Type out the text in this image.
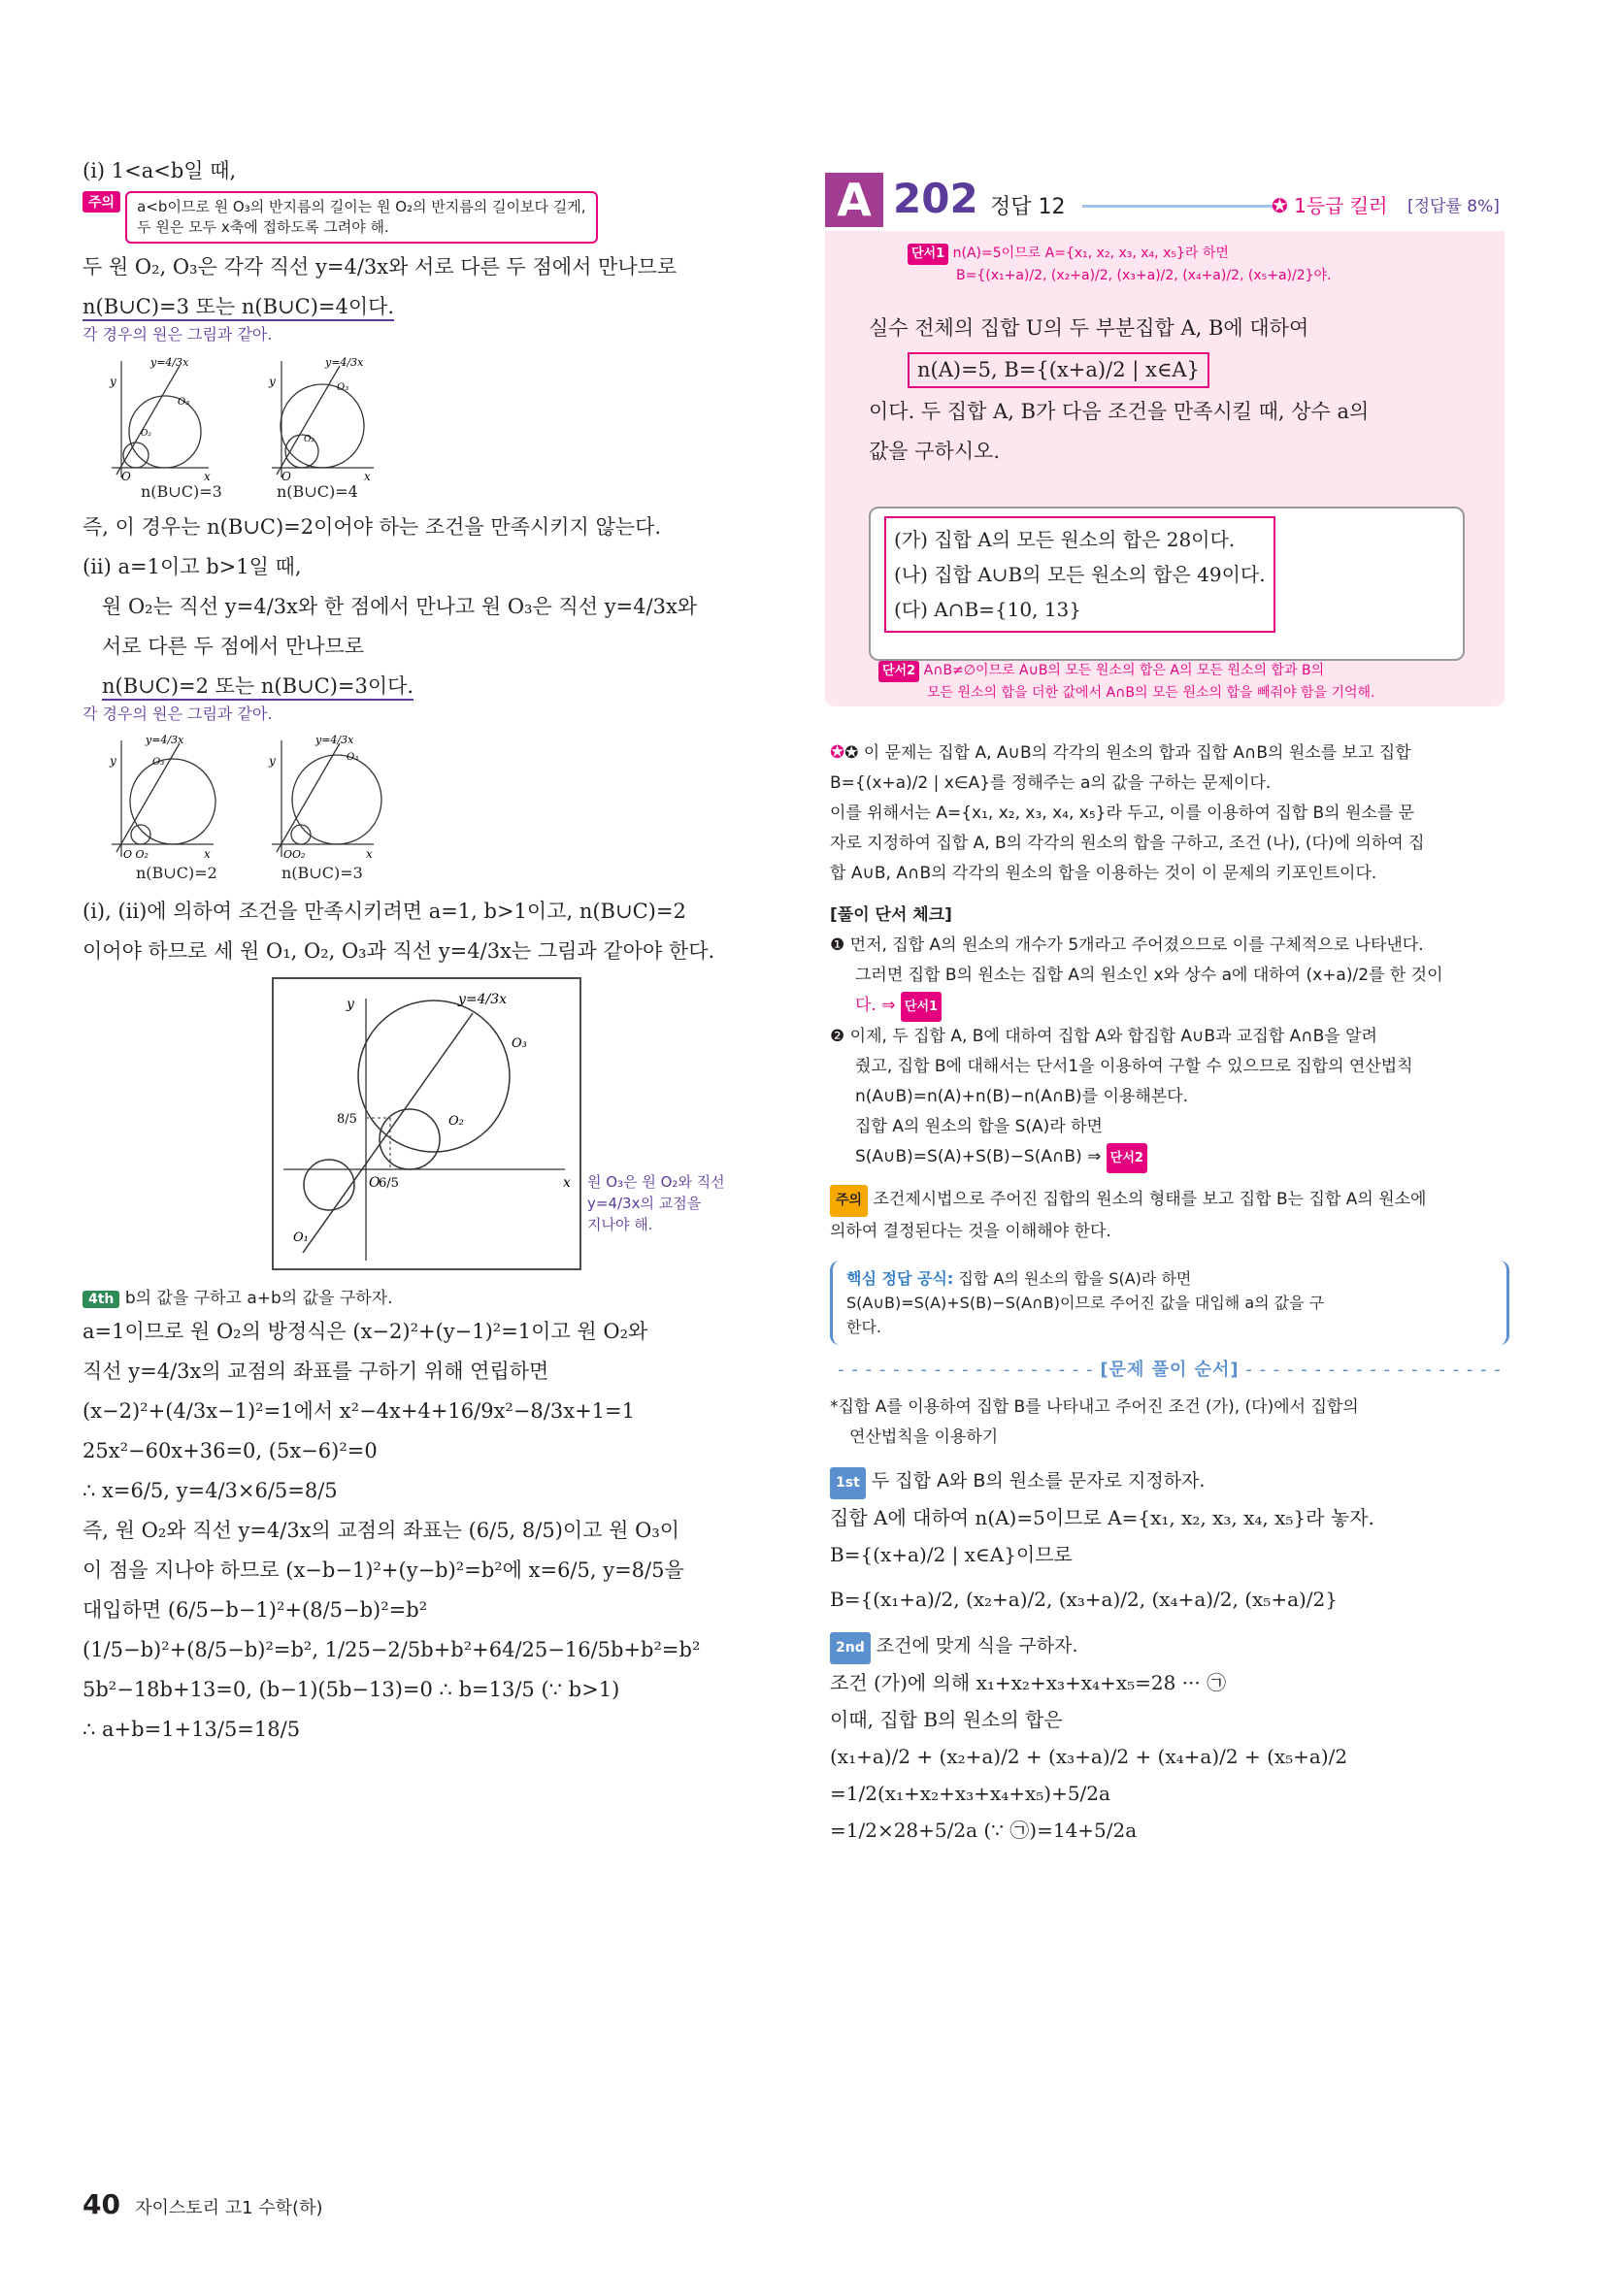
(i) 1<a<b일 때,
주의 a<b이므로 원 O₃의 반지름의 길이는 원 O₂의 반지름의 길이보다 길게,
두 원은 모두 x축에 접하도록 그려야 해.
두 원 O₂, O₃은 각각 직선 y=4/3x와 서로 다른 두 점에서 만나므로
n(B∪C)=3 또는 n(B∪C)=4이다.
각 경우의 원은 그림과 같아.
y
x
O
y=4/3x
O₃
O₂
y
x
O
y=4/3x
O₃
O₂
n(B∪C)=3	n(B∪C)=4
즉, 이 경우는 n(B∪C)=2이어야 하는 조건을 만족시키지 않는다.
(ii) a=1이고 b>1일 때,
원 O₂는 직선 y=4/3x와 한 점에서 만나고 원 O₃은 직선 y=4/3x와
서로 다른 두 점에서 만나므로
n(B∪C)=2 또는 n(B∪C)=3이다.
각 경우의 원은 그림과 같아.
y
x
O O₂
y=4/3x
O₃	y
x
OO₂
y=4/3x
O₃
n(B∪C)=2	n(B∪C)=3
(i), (ii)에 의하여 조건을 만족시키려면 a=1, b>1이고, n(B∪C)=2
이어야 하므로 세 원 O₁, O₂, O₃과 직선 y=4/3x는 그림과 같아야 한다.
y
x
O
y=4/3x
O₁
O₂
O₃
8/5
6/5	원 O₃은 원 O₂와 직선
y=4/3x의 교점을
지나야 해.
4th b의 값을 구하고 a+b의 값을 구하자.
a=1이므로 원 O₂의 방정식은 (x−2)²+(y−1)²=1이고 원 O₂와
직선 y=4/3x의 교점의 좌표를 구하기 위해 연립하면
(x−2)²+(4/3x−1)²=1에서 x²−4x+4+16/9x²−8/3x+1=1
25x²−60x+36=0, (5x−6)²=0
∴ x=6/5, y=4/3×6/5=8/5
즉, 원 O₂와 직선 y=4/3x의 교점의 좌표는 (6/5, 8/5)이고 원 O₃이
이 점을 지나야 하므로 (x−b−1)²+(y−b)²=b²에 x=6/5, y=8/5을
대입하면 (6/5−b−1)²+(8/5−b)²=b²
(1/5−b)²+(8/5−b)²=b², 1/25−2/5b+b²+64/25−16/5b+b²=b²
5b²−18b+13=0, (b−1)(5b−13)=0 ∴ b=13/5 (∵ b>1)
∴ a+b=1+13/5=18/5
A 202 정답 12	✪ 1등급 킬러 [정답률 8%]
단서1 n(A)=5이므로 A={x₁, x₂, x₃, x₄, x₅}라 하면
B={(x₁+a)/2, (x₂+a)/2, (x₃+a)/2, (x₄+a)/2, (x₅+a)/2}야.
실수 전체의 집합 U의 두 부분집합 A, B에 대하여
n(A)=5, B={(x+a)/2 | x∈A}
이다. 두 집합 A, B가 다음 조건을 만족시킬 때, 상수 a의
값을 구하시오.
(가) 집합 A의 모든 원소의 합은 28이다.
(나) 집합 A∪B의 모든 원소의 합은 49이다.
(다) A∩B={10, 13}
단서2 A∩B≠∅이므로 A∪B의 모든 원소의 합은 A의 모든 원소의 합과 B의
모든 원소의 합을 더한 값에서 A∩B의 모든 원소의 합을 빼줘야 함을 기억해.
✪✪ 이 문제는 집합 A, A∪B의 각각의 원소의 합과 집합 A∩B의 원소를 보고 집합
B={(x+a)/2 | x∈A}를 정해주는 a의 값을 구하는 문제이다.
이를 위해서는 A={x₁, x₂, x₃, x₄, x₅}라 두고, 이를 이용하여 집합 B의 원소를 문
자로 지정하여 집합 A, B의 각각의 원소의 합을 구하고, 조건 (나), (다)에 의하여 집
합 A∪B, A∩B의 각각의 원소의 합을 이용하는 것이 이 문제의 키포인트이다.
[풀이 단서 체크]
❶ 먼저, 집합 A의 원소의 개수가 5개라고 주어졌으므로 이를 구체적으로 나타낸다.
그러면 집합 B의 원소는 집합 A의 원소인 x와 상수 a에 대하여 (x+a)/2를 한 것이
다. ⇒ 단서1
❷ 이제, 두 집합 A, B에 대하여 집합 A와 합집합 A∪B과 교집합 A∩B을 알려
줬고, 집합 B에 대해서는 단서1을 이용하여 구할 수 있으므로 집합의 연산법칙
n(A∪B)=n(A)+n(B)−n(A∩B)를 이용해본다.
집합 A의 원소의 합을 S(A)라 하면
S(A∪B)=S(A)+S(B)−S(A∩B) ⇒ 단서2
주의 조건제시법으로 주어진 집합의 원소의 형태를 보고 집합 B는 집합 A의 원소에
의하여 결정된다는 것을 이해해야 한다.
핵심 정답 공식: 집합 A의 원소의 합을 S(A)라 하면
S(A∪B)=S(A)+S(B)−S(A∩B)이므로 주어진 값을 대입해 a의 값을 구
한다.
- - - - - - - - - - - - - - - - - - - [문제 풀이 순서] - - - - - - - - - - - - - - - - - - -
*집합 A를 이용하여 집합 B를 나타내고 주어진 조건 (가), (다)에서 집합의
연산법칙을 이용하기
1st 두 집합 A와 B의 원소를 문자로 지정하자.
집합 A에 대하여 n(A)=5이므로 A={x₁, x₂, x₃, x₄, x₅}라 놓자.
B={(x+a)/2 | x∈A}이므로
B={(x₁+a)/2, (x₂+a)/2, (x₃+a)/2, (x₄+a)/2, (x₅+a)/2}
2nd 조건에 맞게 식을 구하자.
조건 (가)에 의해 x₁+x₂+x₃+x₄+x₅=28 ··· ㉠
이때, 집합 B의 원소의 합은
(x₁+a)/2 + (x₂+a)/2 + (x₃+a)/2 + (x₄+a)/2 + (x₅+a)/2
=1/2(x₁+x₂+x₃+x₄+x₅)+5/2a
=1/2×28+5/2a (∵ ㉠)=14+5/2a
40 자이스토리 고1 수학(하)
